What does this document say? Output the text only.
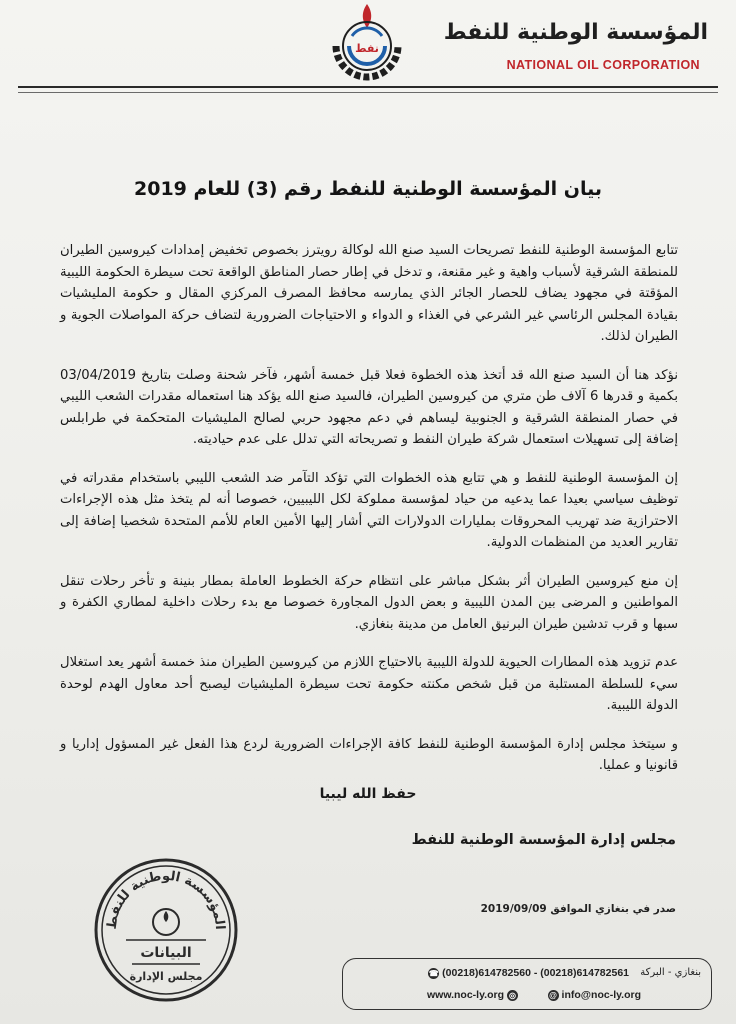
المؤسسة الوطنية للنفط
NATIONAL OIL CORPORATION
نفط
بيان المؤسسة الوطنية للنفط رقم (3) للعام 2019

تتابع المؤسسة الوطنية للنفط تصريحات السيد صنع الله لوكالة رويترز بخصوص تخفيض إمدادات كيروسين الطيران للمنطقة الشرقية لأسباب واهية و غير مقنعة، و تدخل في إطار حصار المناطق الواقعة تحت سيطرة الحكومة الليبية المؤقتة في مجهود يضاف للحصار الجائر الذي يمارسه محافظ المصرف المركزي المقال و حكومة المليشيات بقيادة المجلس الرئاسي غير الشرعي في الغذاء و الدواء و الاحتياجات الضرورية لتضاف حركة المواصلات الجوية و الطيران لذلك.

نؤكد هنا أن السيد صنع الله قد أتخذ هذه الخطوة فعلا قبل خمسة أشهر، فآخر شحنة وصلت بتاريخ 03/04/2019 بكمية و قدرها 6 آلاف طن متري من كيروسين الطيران، فالسيد صنع الله يؤكد هنا استعماله مقدرات الشعب الليبي في حصار المنطقة الشرقية و الجنوبية ليساهم في دعم مجهود حربي لصالح المليشيات المتحكمة في طرابلس إضافة إلى تسهيلات استعمال شركة طيران النفط و تصريحاته التي تدلل على عدم حياديته.

إن المؤسسة الوطنية للنفط و هي تتابع هذه الخطوات التي تؤكد التآمر ضد الشعب الليبي باستخدام مقدراته في توظيف سياسي بعيدا عما يدعيه من حياد لمؤسسة مملوكة لكل الليبيين، خصوصا أنه لم يتخذ مثل هذه الإجراءات الاحترازية ضد تهريب المحروقات بمليارات الدولارات التي أشار إليها الأمين العام للأمم المتحدة شخصيا إضافة إلى تقارير العديد من المنظمات الدولية.

إن منع كيروسين الطيران أثر بشكل مباشر على انتظام حركة الخطوط العاملة بمطار بنينة و تأخر رحلات تنقل المواطنين و المرضى بين المدن الليبية و بعض الدول المجاورة خصوصا مع بدء رحلات داخلية لمطاري الكفرة و سبها و قرب تدشين طيران البرنيق العامل من مدينة بنغازي.

عدم تزويد هذه المطارات الحيوية للدولة الليبية بالاحتياج اللازم من كيروسين الطيران منذ خمسة أشهر يعد استغلال سيء للسلطة المستلبة من قبل شخص مكنته حكومة تحت سيطرة المليشيات ليصبح أحد معاول الهدم لوحدة الدولة الليبية.

و سيتخذ مجلس إدارة المؤسسة الوطنية للنفط كافة الإجراءات الضرورية لردع هذا الفعل غير المسؤول إداريا و قانونيا و عمليا.

حفظ الله ليبيا
مجلس إدارة المؤسسة الوطنية للنفط
المؤسسة الوطنية للنفط
البيانات
مجلس الإدارة
صدر في بنغازي الموافق 2019/09/09
بنغازي - البركة
☎ (00218)614782560 - (00218)614782561
www.noc-ly.org ◎	@ info@noc-ly.org
